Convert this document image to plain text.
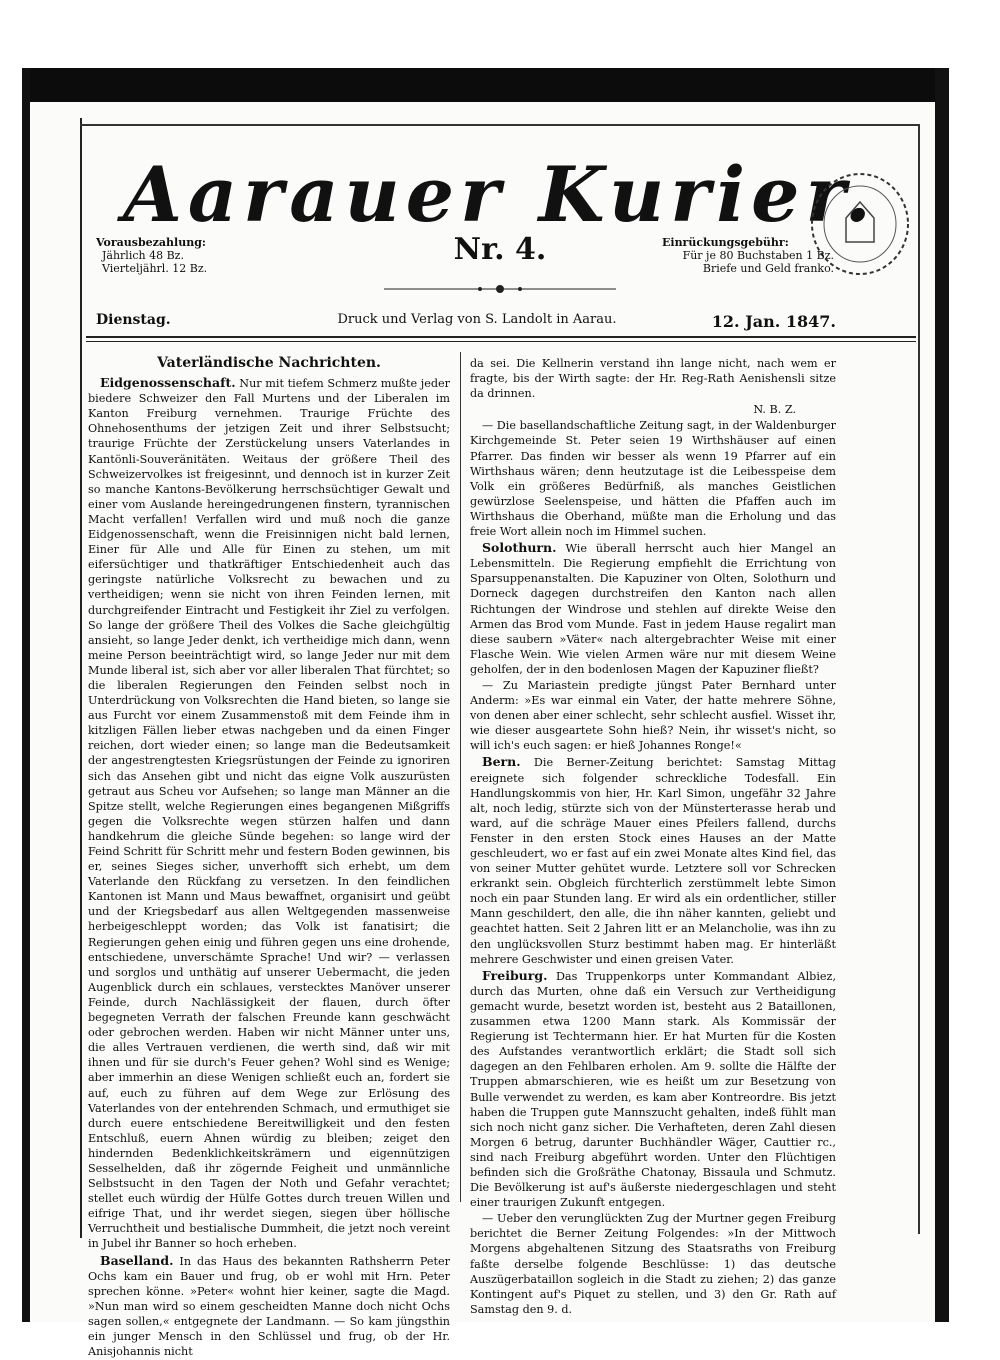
Aarauer Kurier.
Vorausbezahlung:
Jährlich 48 Bz.
Vierteljährl. 12 Bz.
Nr. 4.	Einrückungsgebühr:
Für je 80 Buchstaben 1 Bz.
Briefe und Geld franko.
Dienstag.	Druck und Verlag von S. Landolt in Aarau.	12. Jan. 1847.
Vaterländische Nachrichten.

Eidgenossenschaft. Nur mit tiefem Schmerz mußte jeder biedere Schweizer den Fall Murtens und der Liberalen im Kanton Freiburg vernehmen. Traurige Früchte des Ohnehosenthums der jetzigen Zeit und ihrer Selbstsucht; traurige Früchte der Zerstückelung unsers Vaterlandes in Kantönli-Souveränitäten. Weitaus der größere Theil des Schweizervolkes ist freigesinnt, und dennoch ist in kurzer Zeit so manche Kantons-Bevölkerung herrschsüchtiger Gewalt und einer vom Auslande hereingedrungenen finstern, tyrannischen Macht verfallen! Verfallen wird und muß noch die ganze Eidgenossenschaft, wenn die Freisinnigen nicht bald lernen, Einer für Alle und Alle für Einen zu stehen, um mit eifersüchtiger und thatkräftiger Entschiedenheit auch das geringste natürliche Volksrecht zu bewachen und zu vertheidigen; wenn sie nicht von ihren Feinden lernen, mit durchgreifender Eintracht und Festigkeit ihr Ziel zu verfolgen. So lange der größere Theil des Volkes die Sache gleichgültig ansieht, so lange Jeder denkt, ich vertheidige mich dann, wenn meine Person beeinträchtigt wird, so lange Jeder nur mit dem Munde liberal ist, sich aber vor aller liberalen That fürchtet; so die liberalen Regierungen den Feinden selbst noch in Unterdrückung von Volksrechten die Hand bieten, so lange sie aus Furcht vor einem Zusammenstoß mit dem Feinde ihm in kitzligen Fällen lieber etwas nachgeben und da einen Finger reichen, dort wieder einen; so lange man die Bedeutsamkeit der angestrengtesten Kriegsrüstungen der Feinde zu ignoriren sich das Ansehen gibt und nicht das eigne Volk auszurüsten getraut aus Scheu vor Aufsehen; so lange man Männer an die Spitze stellt, welche Regierungen eines begangenen Mißgriffs gegen die Volksrechte wegen stürzen halfen und dann handkehrum die gleiche Sünde begehen: so lange wird der Feind Schritt für Schritt mehr und festern Boden gewinnen, bis er, seines Sieges sicher, unverhofft sich erhebt, um dem Vaterlande den Rückfang zu versetzen. In den feindlichen Kantonen ist Mann und Maus bewaffnet, organisirt und geübt und der Kriegsbedarf aus allen Weltgegenden massenweise herbeigeschleppt worden; das Volk ist fanatisirt; die Regierungen gehen einig und führen gegen uns eine drohende, entschiedene, unverschämte Sprache! Und wir? — verlassen und sorglos und unthätig auf unserer Uebermacht, die jeden Augenblick durch ein schlaues, verstecktes Manöver unserer Feinde, durch Nachlässigkeit der flauen, durch öfter begegneten Verrath der falschen Freunde kann geschwächt oder gebrochen werden. Haben wir nicht Männer unter uns, die alles Vertrauen verdienen, die werth sind, daß wir mit ihnen und für sie durch's Feuer gehen? Wohl sind es Wenige; aber immerhin an diese Wenigen schließt euch an, fordert sie auf, euch zu führen auf dem Wege zur Erlösung des Vaterlandes von der entehrenden Schmach, und ermuthiget sie durch euere entschiedene Bereitwilligkeit und den festen Entschluß, euern Ahnen würdig zu bleiben; zeiget den hindernden Bedenklichkeitskrämern und eigennützigen Sesselhelden, daß ihr zögernde Feigheit und unmännliche Selbstsucht in den Tagen der Noth und Gefahr verachtet; stellet euch würdig der Hülfe Gottes durch treuen Willen und eifrige That, und ihr werdet siegen, siegen über höllische Verruchtheit und bestialische Dummheit, die jetzt noch vereint in Jubel ihr Banner so hoch erheben.

Baselland. In das Haus des bekannten Rathsherrn Peter Ochs kam ein Bauer und frug, ob er wohl mit Hrn. Peter sprechen könne. »Peter« wohnt hier keiner, sagte die Magd. »Nun man wird so einem gescheidten Manne doch nicht Ochs sagen sollen,« entgegnete der Landmann. — So kam jüngsthin ein junger Mensch in den Schlüssel und frug, ob der Hr. Anisjohannis nicht

da sei. Die Kellnerin verstand ihn lange nicht, nach wem er fragte, bis der Wirth sagte: der Hr. Reg-Rath Aenishensli sitze da drinnen.

N. B. Z.

— Die basellandschaftliche Zeitung sagt, in der Waldenburger Kirchgemeinde St. Peter seien 19 Wirthshäuser auf einen Pfarrer. Das finden wir besser als wenn 19 Pfarrer auf ein Wirthshaus wären; denn heutzutage ist die Leibesspeise dem Volk ein größeres Bedürfniß, als manches Geistlichen gewürzlose Seelenspeise, und hätten die Pfaffen auch im Wirthshaus die Oberhand, müßte man die Erholung und das freie Wort allein noch im Himmel suchen.

Solothurn. Wie überall herrscht auch hier Mangel an Lebensmitteln. Die Regierung empfiehlt die Errichtung von Sparsuppenanstalten. Die Kapuziner von Olten, Solothurn und Dorneck dagegen durchstreifen den Kanton nach allen Richtungen der Windrose und stehlen auf direkte Weise den Armen das Brod vom Munde. Fast in jedem Hause regalirt man diese saubern »Väter« nach altergebrachter Weise mit einer Flasche Wein. Wie vielen Armen wäre nur mit diesem Weine geholfen, der in den bodenlosen Magen der Kapuziner fließt?

— Zu Mariastein predigte jüngst Pater Bernhard unter Anderm: »Es war einmal ein Vater, der hatte mehrere Söhne, von denen aber einer schlecht, sehr schlecht ausfiel. Wisset ihr, wie dieser ausgeartete Sohn hieß? Nein, ihr wisset's nicht, so will ich's euch sagen: er hieß Johannes Ronge!«

Bern. Die Berner-Zeitung berichtet: Samstag Mittag ereignete sich folgender schreckliche Todesfall. Ein Handlungskommis von hier, Hr. Karl Simon, ungefähr 32 Jahre alt, noch ledig, stürzte sich von der Münsterterasse herab und ward, auf die schräge Mauer eines Pfeilers fallend, durchs Fenster in den ersten Stock eines Hauses an der Matte geschleudert, wo er fast auf ein zwei Monate altes Kind fiel, das von seiner Mutter gehütet wurde. Letztere soll vor Schrecken erkrankt sein. Obgleich fürchterlich zerstümmelt lebte Simon noch ein paar Stunden lang. Er wird als ein ordentlicher, stiller Mann geschildert, den alle, die ihn näher kannten, geliebt und geachtet hatten. Seit 2 Jahren litt er an Melancholie, was ihn zu den unglücksvollen Sturz bestimmt haben mag. Er hinterläßt mehrere Geschwister und einen greisen Vater.

Freiburg. Das Truppenkorps unter Kommandant Albiez, durch das Murten, ohne daß ein Versuch zur Vertheidigung gemacht wurde, besetzt worden ist, besteht aus 2 Bataillonen, zusammen etwa 1200 Mann stark. Als Kommissär der Regierung ist Techtermann hier. Er hat Murten für die Kosten des Aufstandes verantwortlich erklärt; die Stadt soll sich dagegen an den Fehlbaren erholen. Am 9. sollte die Hälfte der Truppen abmarschieren, wie es heißt um zur Besetzung von Bulle verwendet zu werden, es kam aber Kontreordre. Bis jetzt haben die Truppen gute Mannszucht gehalten, indeß fühlt man sich noch nicht ganz sicher. Die Verhafteten, deren Zahl diesen Morgen 6 betrug, darunter Buchhändler Wäger, Cauttier rc., sind nach Freiburg abgeführt worden. Unter den Flüchtigen befinden sich die Großräthe Chatonay, Bissaula und Schmutz. Die Bevölkerung ist auf's äußerste niedergeschlagen und steht einer traurigen Zukunft entgegen.

— Ueber den verunglückten Zug der Murtner gegen Freiburg berichtet die Berner Zeitung Folgendes: »In der Mittwoch Morgens abgehaltenen Sitzung des Staatsraths von Freiburg faßte derselbe folgende Beschlüsse: 1) das deutsche Auszügerbataillon sogleich in die Stadt zu ziehen; 2) das ganze Kontingent auf's Piquet zu stellen, und 3) den Gr. Rath auf Samstag den 9. d.
